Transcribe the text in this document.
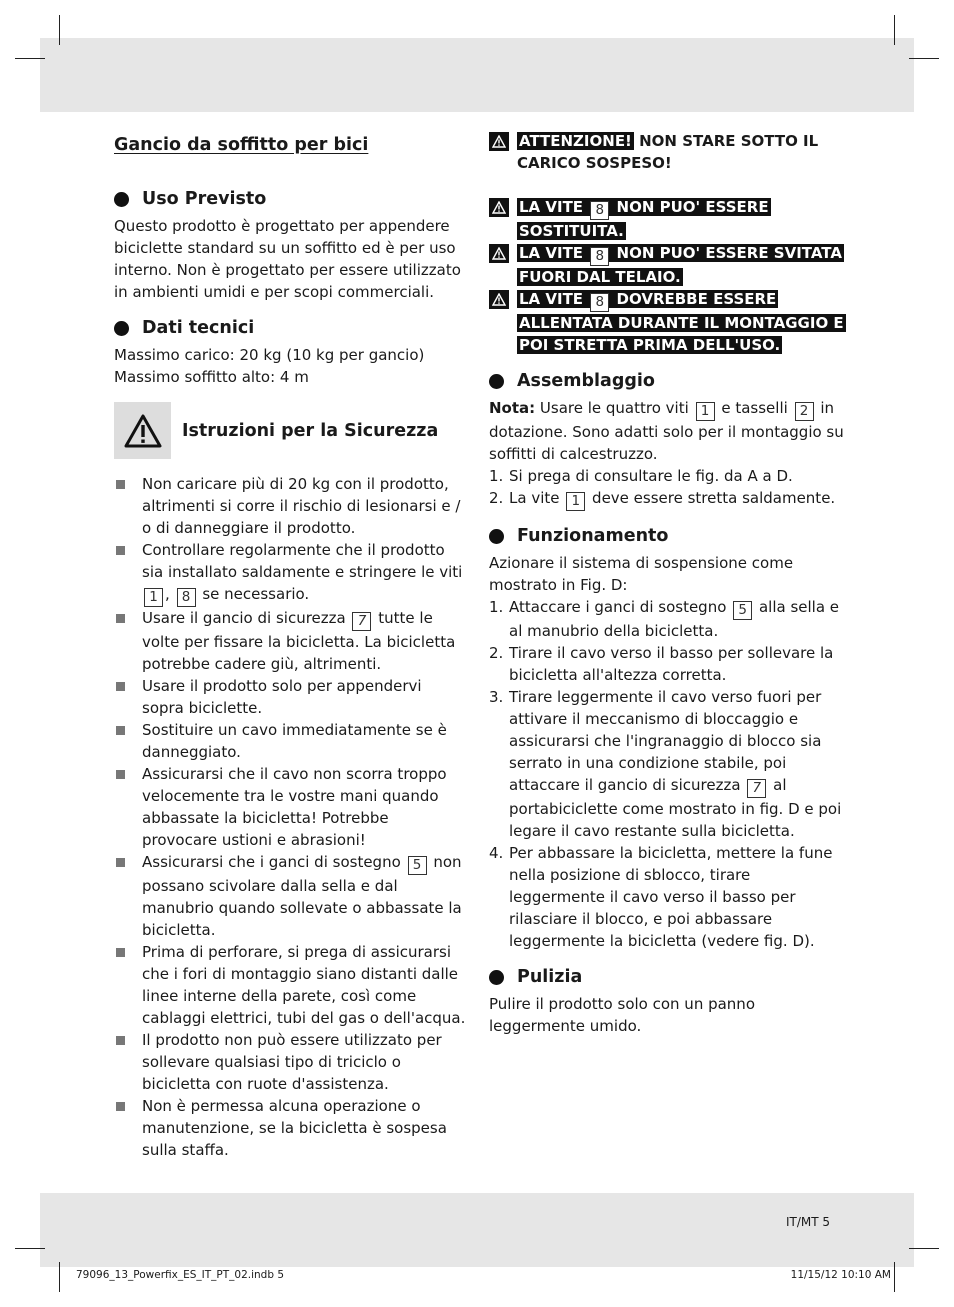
Gancio da soffitto per bici
Uso Previsto

Questo prodotto è progettato per appendere biciclette standard su un soffitto ed è per uso interno. Non è progettato per essere utilizzato in ambienti umidi e per scopi commerciali.

Dati tecnici

Massimo carico: 20 kg (10 kg per gancio)

Massimo soffitto alto: 4 m

Istruzioni per la Sicurezza
Non caricare più di 20 kg con il prodotto, altrimenti si corre il rischio di lesionarsi e / o di danneggiare il prodotto.
Controllare regolarmente che il prodotto sia installato saldamente e stringere le viti 1 , 8 se necessario.
Usare il gancio di sicurezza 7 tutte le volte per fissare la bicicletta. La bicicletta potrebbe cadere giù, altrimenti.
Usare il prodotto solo per appendervi sopra biciclette.
Sostituire un cavo immediatamente se è danneggiato.
Assicurarsi che il cavo non scorra troppo velocemente tra le vostre mani quando abbassate la bicicletta! Potrebbe provocare ustioni e abrasioni!
Assicurarsi che i ganci di sostegno 5 non possano scivolare dalla sella e dal manubrio quando sollevate o abbassate la bicicletta.
Prima di perforare, si prega di assicurarsi che i fori di montaggio siano distanti dalle linee interne della parete, così come cablaggi elettrici, tubi del gas o dell'acqua.
Il prodotto non può essere utilizzato per sollevare qualsiasi tipo di triciclo o bicicletta con ruote d'assistenza.
Non è permessa alcuna operazione o manutenzione, se la bicicletta è sospesa sulla staffa.
ATTENZIONE! NON STARE SOTTO IL CARICO SOSPESO!
LA VITE 8 NON PUO' ESSERE SOSTITUITA.
LA VITE 8 NON PUO' ESSERE SVITATA FUORI DAL TELAIO.
LA VITE 8 DOVREBBE ESSERE ALLENTATA DURANTE IL MONTAGGIO E POI STRETTA PRIMA DELL'USO.
Assemblaggio

Nota: Usare le quattro viti 1 e tasselli 2 in dotazione. Sono adatti solo per il montaggio su soffitti di calcestruzzo.

1. Si prega di consultare le fig. da A a D.
2. La vite 1 deve essere stretta saldamente.
Funzionamento

Azionare il sistema di sospensione come mostrato in Fig. D:

1. Attaccare i ganci di sostegno 5 alla sella e al manubrio della bicicletta.
2. Tirare il cavo verso il basso per sollevare la bicicletta all'altezza corretta.
3. Tirare leggermente il cavo verso fuori per attivare il meccanismo di bloccaggio e assicurarsi che l'ingranaggio di blocco sia serrato in una condizione stabile, poi attaccare il gancio di sicurezza 7 al portabiciclette come mostrato in fig. D e poi legare il cavo restante sulla bicicletta.
4. Per abbassare la bicicletta, mettere la fune nella posizione di sblocco, tirare leggermente il cavo verso il basso per rilasciare il blocco, e poi abbassare leggermente la bicicletta (vedere fig. D).
Pulizia

Pulire il prodotto solo con un panno leggermente umido.

IT/MT 5
79096_13_Powerfix_ES_IT_PT_02.indb 5	11/15/12 10:10 AM
